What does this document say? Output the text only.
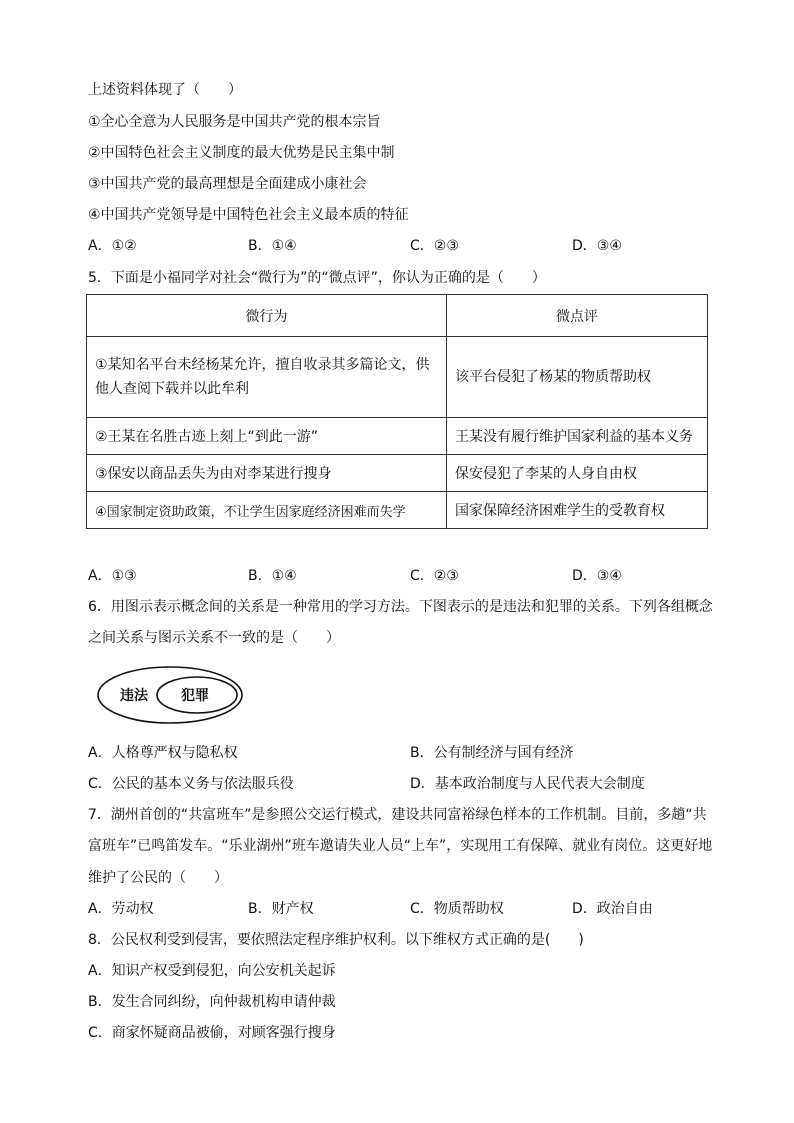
上述资料体现了（　　）
①全心全意为人民服务是中国共产党的根本宗旨
②中国特色社会主义制度的最大优势是民主集中制
③中国共产党的最高理想是全面建成小康社会
④中国共产党领导是中国特色社会主义最本质的特征
A．①②	B．①④	C．②③	D．③④
5．下面是小福同学对社会“微行为”的“微点评”，你认为正确的是（　　）
微行为	微点评
①某知名平台未经杨某允许，擅自收录其多篇论文，供他人查阅下载并以此牟利	该平台侵犯了杨某的物质帮助权
②王某在名胜古迹上刻上“到此一游”	王某没有履行维护国家利益的基本义务
③保安以商品丢失为由对李某进行搜身	保安侵犯了李某的人身自由权
④国家制定资助政策，不让学生因家庭经济困难而失学	国家保障经济困难学生的受教育权
A．①③	B．①④	C．②③	D．③④
6．用图示表示概念间的关系是一种常用的学习方法。下图表示的是违法和犯罪的关系。下列各组概念
之间关系与图示关系不一致的是（　　）
违法 犯罪
A．人格尊严权与隐私权	B．公有制经济与国有经济
C．公民的基本义务与依法服兵役	D．基本政治制度与人民代表大会制度
7．湖州首创的“共富班车”是参照公交运行模式，建设共同富裕绿色样本的工作机制。目前，多趟“共
富班车”已鸣笛发车。“乐业湖州”班车邀请失业人员“上车”，实现用工有保障、就业有岗位。这更好地
维护了公民的（　　）
A．劳动权	B．财产权	C．物质帮助权	D．政治自由
8．公民权利受到侵害，要依照法定程序维护权利。以下维权方式正确的是(　　)
A．知识产权受到侵犯，向公安机关起诉
B．发生合同纠纷，向仲裁机构申请仲裁
C．商家怀疑商品被偷，对顾客强行搜身
